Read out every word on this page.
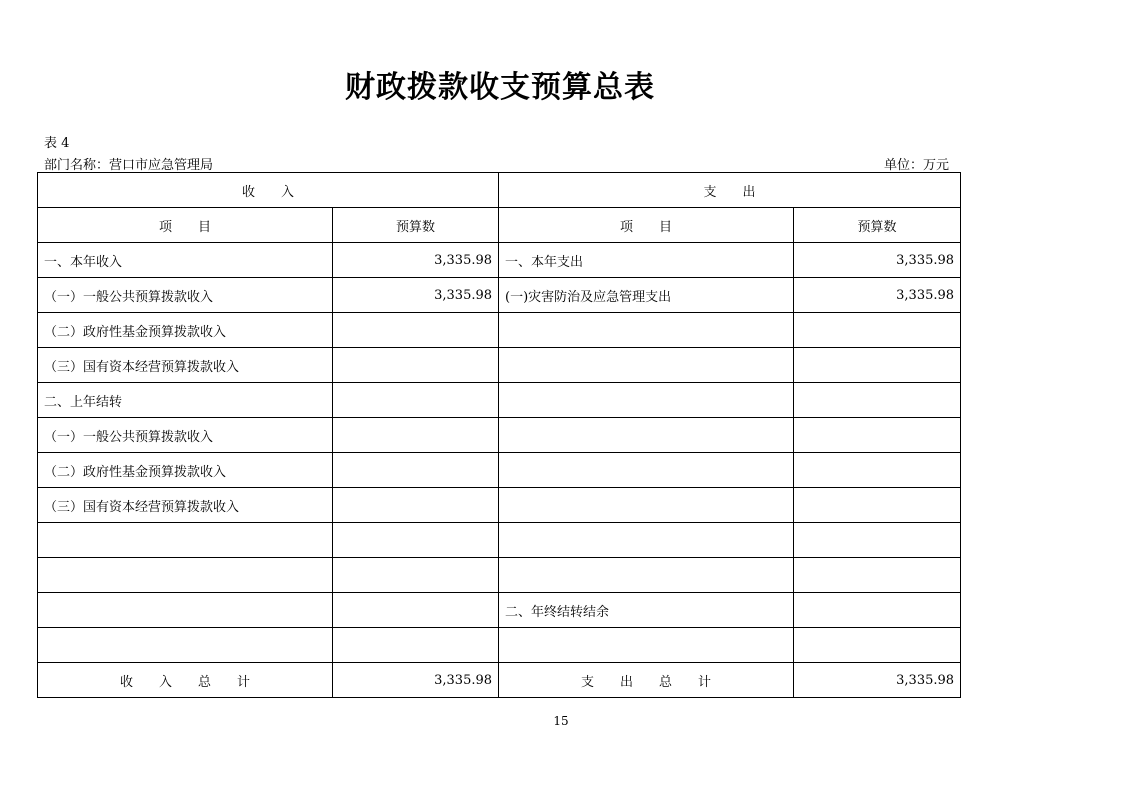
财政拨款收支预算总表
表 4
部门名称：营口市应急管理局	单位：万元
收　　入		支　　出	
项　　目	预算数	项　　目	预算数
一、本年收入	3,335.98	一、本年支出	3,335.98
（一）一般公共预算拨款收入	3,335.98	(一)灾害防治及应急管理支出	3,335.98
（二）政府性基金预算拨款收入			
（三）国有资本经营预算拨款收入			
二、上年结转			
（一）一般公共预算拨款收入			
（二）政府性基金预算拨款收入			
（三）国有资本经营预算拨款收入			

		二、年终结转结余	

收　　入　　总　　计	3,335.98	支　　出　　总　　计	3,335.98
15
